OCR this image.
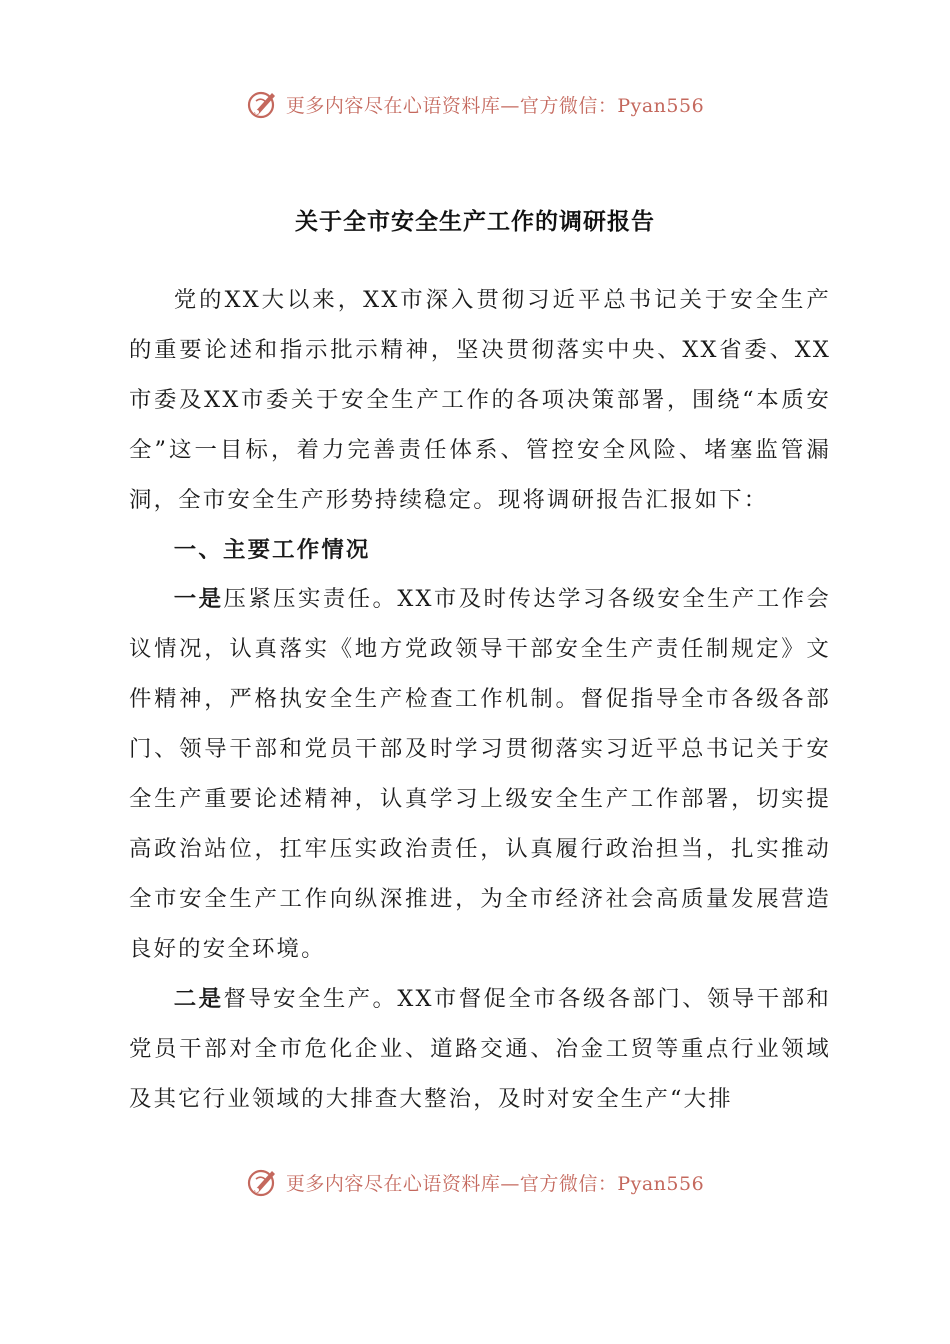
更多内容尽在心语资料库—官方微信：Pyan556
关于全市安全生产工作的调研报告

党的XX大以来，XX市深入贯彻习近平总书记关于安全生产的重要论述和指示批示精神，坚决贯彻落实中央、XX省委、XX市委及XX市委关于安全生产工作的各项决策部署，围绕“本质安全”这一目标，着力完善责任体系、管控安全风险、堵塞监管漏洞，全市安全生产形势持续稳定。现将调研报告汇报如下：

一、主要工作情况

一是压紧压实责任。XX市及时传达学习各级安全生产工作会议情况，认真落实《地方党政领导干部安全生产责任制规定》文件精神，严格执安全生产检查工作机制。督促指导全市各级各部门、领导干部和党员干部及时学习贯彻落实习近平总书记关于安全生产重要论述精神，认真学习上级安全生产工作部署，切实提高政治站位，扛牢压实政治责任，认真履行政治担当，扎实推动全市安全生产工作向纵深推进，为全市经济社会高质量发展营造良好的安全环境。

二是督导安全生产。XX市督促全市各级各部门、领导干部和党员干部对全市危化企业、道路交通、冶金工贸等重点行业领域及其它行业领域的大排查大整治，及时对安全生产“大排

更多内容尽在心语资料库—官方微信：Pyan556
